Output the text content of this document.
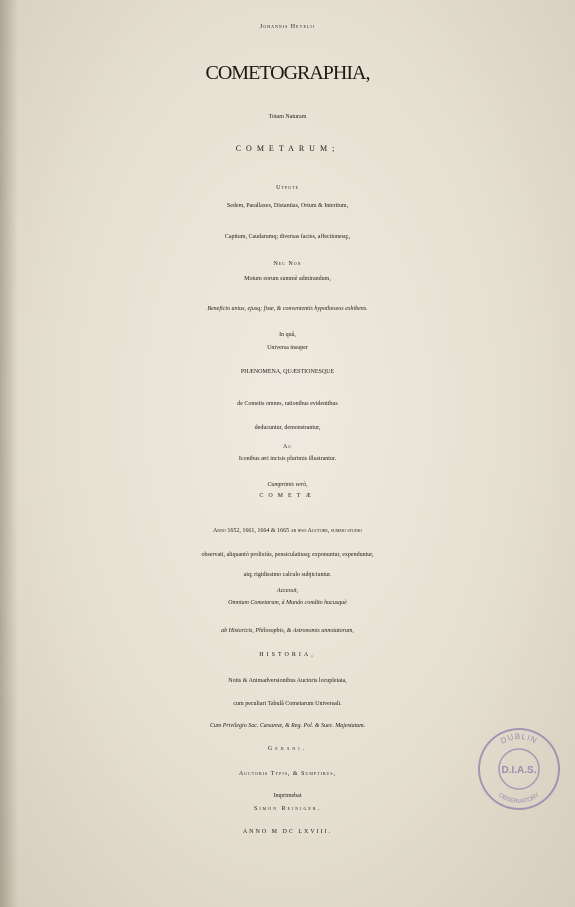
Johannis Hevelii
COMETOGRAPHIA,
Totam Naturam
COMETARUM;
Utpote
Sedem, Parallaxes, Distantias, Ortum & Interitum,
Capitum, Caudarumq; diversas facies, affectionesq;,
Nec Non
Motum eorum summè admirandum,
Beneficio unius, ejusq; fixæ, & convenientis hypotheseos exhibens.
In quâ,
Universa insuper
PHÆNOMENA, QUÆSTIONESQUE
de Cometis omnes, rationibus evidentibus
deducuntur, demonstrantur,
Ac
Iconibus æri incisis plurimis illustrantur.
Cumprimis verò,
COMETÆ
Anno 1652, 1661, 1664 & 1665 ab ipso Auctore, summo studio
observati, aliquantò prolixiùs, pensiculatiusq; exponuntur, expenduntur,
atq; rigidissimo calculo subjiciuntur.
Accessit,
Omnium Cometarum, à Mundo condito hucusquè
ab Historicis, Philosophis, & Astronomis annotatorum,
HISTORIA,
Notis & Animadversionibus Auctoris locupletata,
cum peculiari Tabulâ Cometarum Universali.
Cum Privilegio Sac. Cæsareæ, & Reg. Pol. & Suec. Majestatum.
Gedani.
Auctoris Typis, & Sumptibus,
Imprimebat
Simon Reiniger.
ANNO M DC LXVIII.
DUBLIN
OBSERVATORY
D.I.A.S.
